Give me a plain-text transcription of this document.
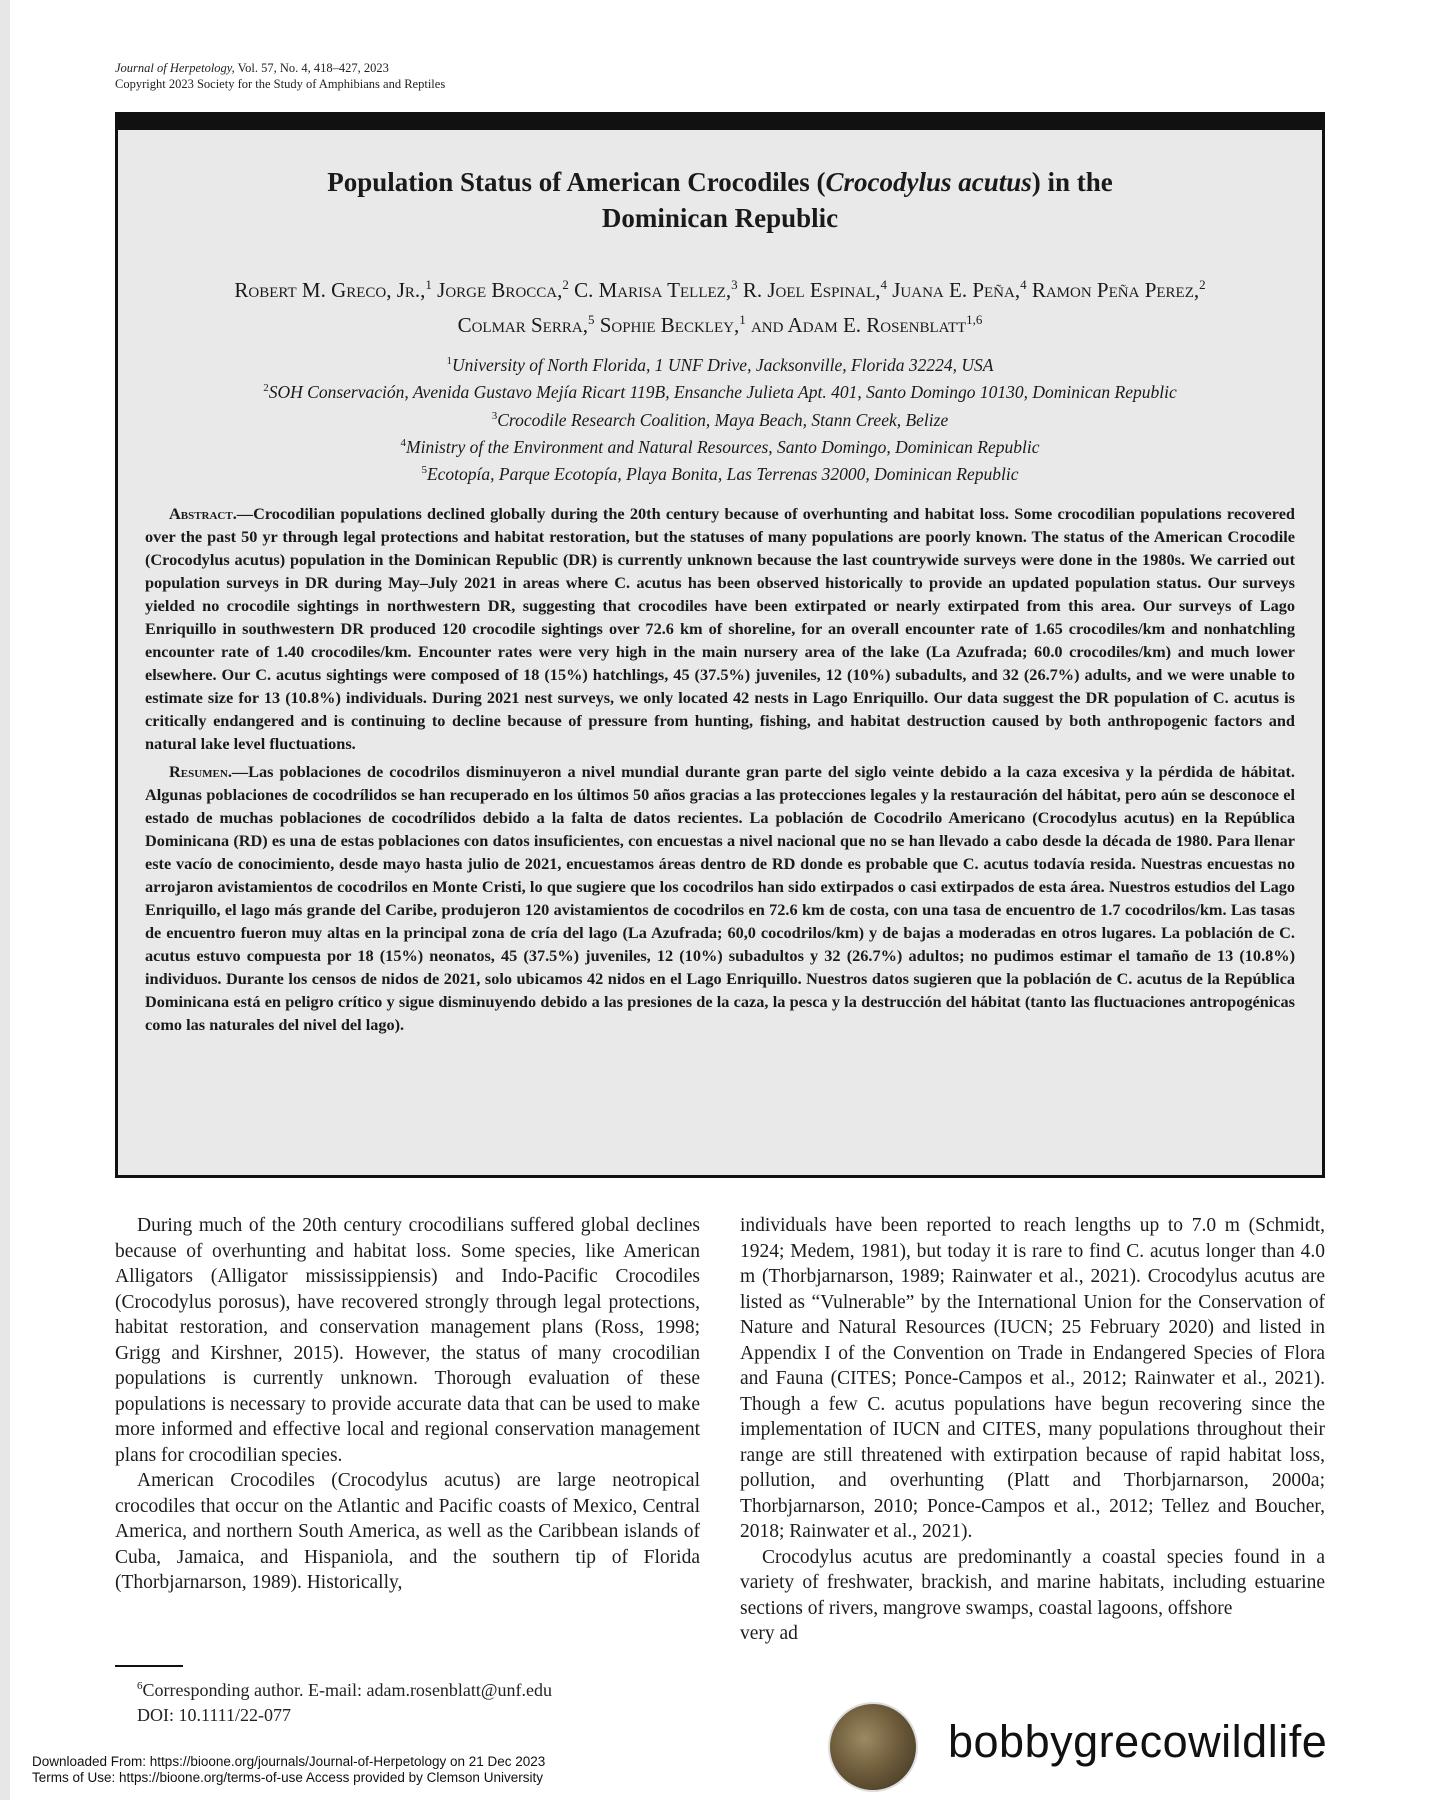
Journal of Herpetology, Vol. 57, No. 4, 418–427, 2023
Copyright 2023 Society for the Study of Amphibians and Reptiles
Population Status of American Crocodiles (Crocodylus acutus) in the
Dominican Republic
Robert M. Greco, Jr.,$^1$ Jorge Brocca,$^2$ C. Marisa Tellez,$^3$ R. Joel Espinal,$^4$ Juana E. Peña,$^4$ Ramon Peña Perez,$^2$
Colmar Serra,$^5$ Sophie Beckley,$^1$ and Adam E. Rosenblatt$^{1,6}$
$^1$University of North Florida, 1 UNF Drive, Jacksonville, Florida 32224, USA
$^2$SOH Conservación, Avenida Gustavo Mejía Ricart 119B, Ensanche Julieta Apt. 401, Santo Domingo 10130, Dominican Republic
$^3$Crocodile Research Coalition, Maya Beach, Stann Creek, Belize
$^4$Ministry of the Environment and Natural Resources, Santo Domingo, Dominican Republic
$^5$Ecotopía, Parque Ecotopía, Playa Bonita, Las Terrenas 32000, Dominican Republic

Abstract.—Crocodilian populations declined globally during the 20th century because of overhunting and habitat loss. Some crocodilian populations recovered over the past 50 yr through legal protections and habitat restoration, but the statuses of many populations are poorly known. The status of the American Crocodile (Crocodylus acutus) population in the Dominican Republic (DR) is currently unknown because the last countrywide surveys were done in the 1980s. We carried out population surveys in DR during May–July 2021 in areas where C. acutus has been observed historically to provide an updated population status. Our surveys yielded no crocodile sightings in northwestern DR, suggesting that crocodiles have been extirpated or nearly extirpated from this area. Our surveys of Lago Enriquillo in southwestern DR produced 120 crocodile sightings over 72.6 km of shoreline, for an overall encounter rate of 1.65 crocodiles/km and nonhatchling encounter rate of 1.40 crocodiles/km. Encounter rates were very high in the main nursery area of the lake (La Azufrada; 60.0 crocodiles/km) and much lower elsewhere. Our C. acutus sightings were composed of 18 (15%) hatchlings, 45 (37.5%) juveniles, 12 (10%) subadults, and 32 (26.7%) adults, and we were unable to estimate size for 13 (10.8%) individuals. During 2021 nest surveys, we only located 42 nests in Lago Enriquillo. Our data suggest the DR population of C. acutus is critically endangered and is continuing to decline because of pressure from hunting, fishing, and habitat destruction caused by both anthropogenic factors and natural lake level fluctuations.

Resumen.—Las poblaciones de cocodrilos disminuyeron a nivel mundial durante gran parte del siglo veinte debido a la caza excesiva y la pérdida de hábitat. Algunas poblaciones de cocodrílidos se han recuperado en los últimos 50 años gracias a las protecciones legales y la restauración del hábitat, pero aún se desconoce el estado de muchas poblaciones de cocodrílidos debido a la falta de datos recientes. La población de Cocodrilo Americano (Crocodylus acutus) en la República Dominicana (RD) es una de estas poblaciones con datos insuficientes, con encuestas a nivel nacional que no se han llevado a cabo desde la década de 1980. Para llenar este vacío de conocimiento, desde mayo hasta julio de 2021, encuestamos áreas dentro de RD donde es probable que C. acutus todavía resida. Nuestras encuestas no arrojaron avistamientos de cocodrilos en Monte Cristi, lo que sugiere que los cocodrilos han sido extirpados o casi extirpados de esta área. Nuestros estudios del Lago Enriquillo, el lago más grande del Caribe, produjeron 120 avistamientos de cocodrilos en 72.6 km de costa, con una tasa de encuentro de 1.7 cocodrilos/km. Las tasas de encuentro fueron muy altas en la principal zona de cría del lago (La Azufrada; 60,0 cocodrilos/km) y de bajas a moderadas en otros lugares. La población de C. acutus estuvo compuesta por 18 (15%) neonatos, 45 (37.5%) juveniles, 12 (10%) subadultos y 32 (26.7%) adultos; no pudimos estimar el tamaño de 13 (10.8%) individuos. Durante los censos de nidos de 2021, solo ubicamos 42 nidos en el Lago Enriquillo. Nuestros datos sugieren que la población de C. acutus de la República Dominicana está en peligro crítico y sigue disminuyendo debido a las presiones de la caza, la pesca y la destrucción del hábitat (tanto las fluctuaciones antropogénicas como las naturales del nivel del lago).

During much of the 20th century crocodilians suffered global declines because of overhunting and habitat loss. Some species, like American Alligators (Alligator mississippiensis) and Indo-Pacific Crocodiles (Crocodylus porosus), have recovered strongly through legal protections, habitat restoration, and conservation management plans (Ross, 1998; Grigg and Kirshner, 2015). However, the status of many crocodilian populations is currently unknown. Thorough evaluation of these populations is necessary to provide accurate data that can be used to make more informed and effective local and regional conservation management plans for crocodilian species.

American Crocodiles (Crocodylus acutus) are large neotropical crocodiles that occur on the Atlantic and Pacific coasts of Mexico, Central America, and northern South America, as well as the Caribbean islands of Cuba, Jamaica, and Hispaniola, and the southern tip of Florida (Thorbjarnarson, 1989). Historically,

individuals have been reported to reach lengths up to 7.0 m (Schmidt, 1924; Medem, 1981), but today it is rare to find C. acutus longer than 4.0 m (Thorbjarnarson, 1989; Rainwater et al., 2021). Crocodylus acutus are listed as “Vulnerable” by the International Union for the Conservation of Nature and Natural Resources (IUCN; 25 February 2020) and listed in Appendix I of the Convention on Trade in Endangered Species of Flora and Fauna (CITES; Ponce-Campos et al., 2012; Rainwater et al., 2021). Though a few C. acutus populations have begun recovering since the implementation of IUCN and CITES, many populations throughout their range are still threatened with extirpation because of rapid habitat loss, pollution, and overhunting (Platt and Thorbjarnarson, 2000a; Thorbjarnarson, 2010; Ponce-Campos et al., 2012; Tellez and Boucher, 2018; Rainwater et al., 2021).

Crocodylus acutus are predominantly a coastal species found in a variety of freshwater, brackish, and marine habitats, including estuarine sections of rivers, mangrove swamps, coastal lagoons, offshore

very ad

$^6$Corresponding author. E-mail: adam.rosenblatt@unf.edu
DOI: 10.1111/22-077
Downloaded From: https://bioone.org/journals/Journal-of-Herpetology on 21 Dec 2023
Terms of Use: https://bioone.org/terms-of-use Access provided by Clemson University
bobbygrecowildlife
